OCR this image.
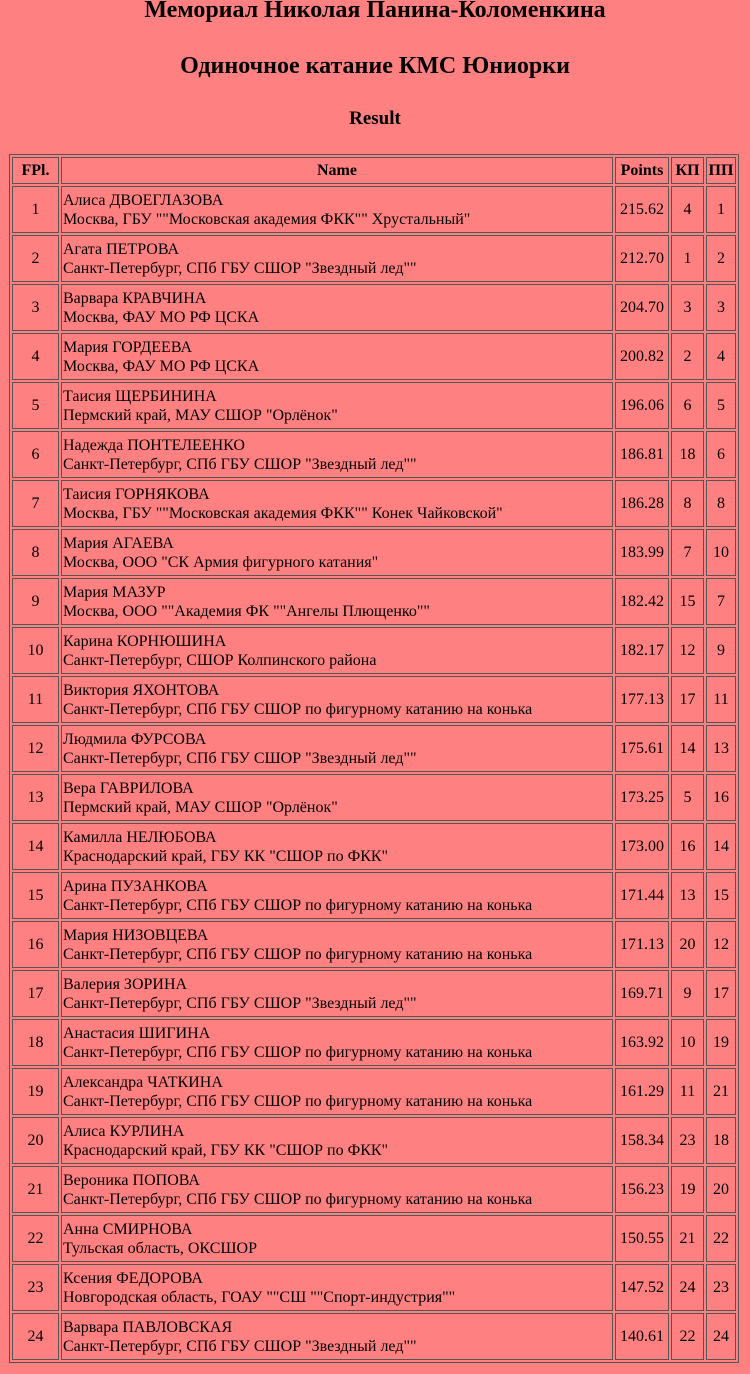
Мемориал Николая Панина-Коломенкина
Одиночное катание КМС Юниорки
Result
FPl.	Name	Points	КП	ПП
1	Алиса ДВОЕГЛАЗОВА
Москва, ГБУ ""Московская академия ФКК"" Хрустальный"	215.62	4	1
2	Агата ПЕТРОВА
Санкт-Петербург, СПб ГБУ СШОР "Звездный лед""	212.70	1	2
3	Варвара КРАВЧИНА
Москва, ФАУ МО РФ ЦСКА	204.70	3	3
4	Мария ГОРДЕЕВА
Москва, ФАУ МО РФ ЦСКА	200.82	2	4
5	Таисия ЩЕРБИНИНА
Пермский край, МАУ СШОР "Орлёнок"	196.06	6	5
6	Надежда ПОНТЕЛЕЕНКО
Санкт-Петербург, СПб ГБУ СШОР "Звездный лед""	186.81	18	6
7	Таисия ГОРНЯКОВА
Москва, ГБУ ""Московская академия ФКК"" Конек Чайковской"	186.28	8	8
8	Мария АГАЕВА
Москва, ООО "СК Армия фигурного катания"	183.99	7	10
9	Мария МАЗУР
Москва, ООО ""Академия ФК ""Ангелы Плющенко""	182.42	15	7
10	Карина КОРНЮШИНА
Санкт-Петербург, СШОР Колпинского района	182.17	12	9
11	Виктория ЯХОНТОВА
Санкт-Петербург, СПб ГБУ СШОР по фигурному катанию на конька	177.13	17	11
12	Людмила ФУРСОВА
Санкт-Петербург, СПб ГБУ СШОР "Звездный лед""	175.61	14	13
13	Вера ГАВРИЛОВА
Пермский край, МАУ СШОР "Орлёнок"	173.25	5	16
14	Камилла НЕЛЮБОВА
Краснодарский край, ГБУ КК "СШОР по ФКК"	173.00	16	14
15	Арина ПУЗАНКОВА
Санкт-Петербург, СПб ГБУ СШОР по фигурному катанию на конька	171.44	13	15
16	Мария НИЗОВЦЕВА
Санкт-Петербург, СПб ГБУ СШОР по фигурному катанию на конька	171.13	20	12
17	Валерия ЗОРИНА
Санкт-Петербург, СПб ГБУ СШОР "Звездный лед""	169.71	9	17
18	Анастасия ШИГИНА
Санкт-Петербург, СПб ГБУ СШОР по фигурному катанию на конька	163.92	10	19
19	Александра ЧАТКИНА
Санкт-Петербург, СПб ГБУ СШОР по фигурному катанию на конька	161.29	11	21
20	Алиса КУРЛИНА
Краснодарский край, ГБУ КК "СШОР по ФКК"	158.34	23	18
21	Вероника ПОПОВА
Санкт-Петербург, СПб ГБУ СШОР по фигурному катанию на конька	156.23	19	20
22	Анна СМИРНОВА
Тульская область, ОКСШОР	150.55	21	22
23	Ксения ФЕДОРОВА
Новгородская область, ГОАУ ""СШ ""Спорт-индустрия""	147.52	24	23
24	Варвара ПАВЛОВСКАЯ
Санкт-Петербург, СПб ГБУ СШОР "Звездный лед""	140.61	22	24
